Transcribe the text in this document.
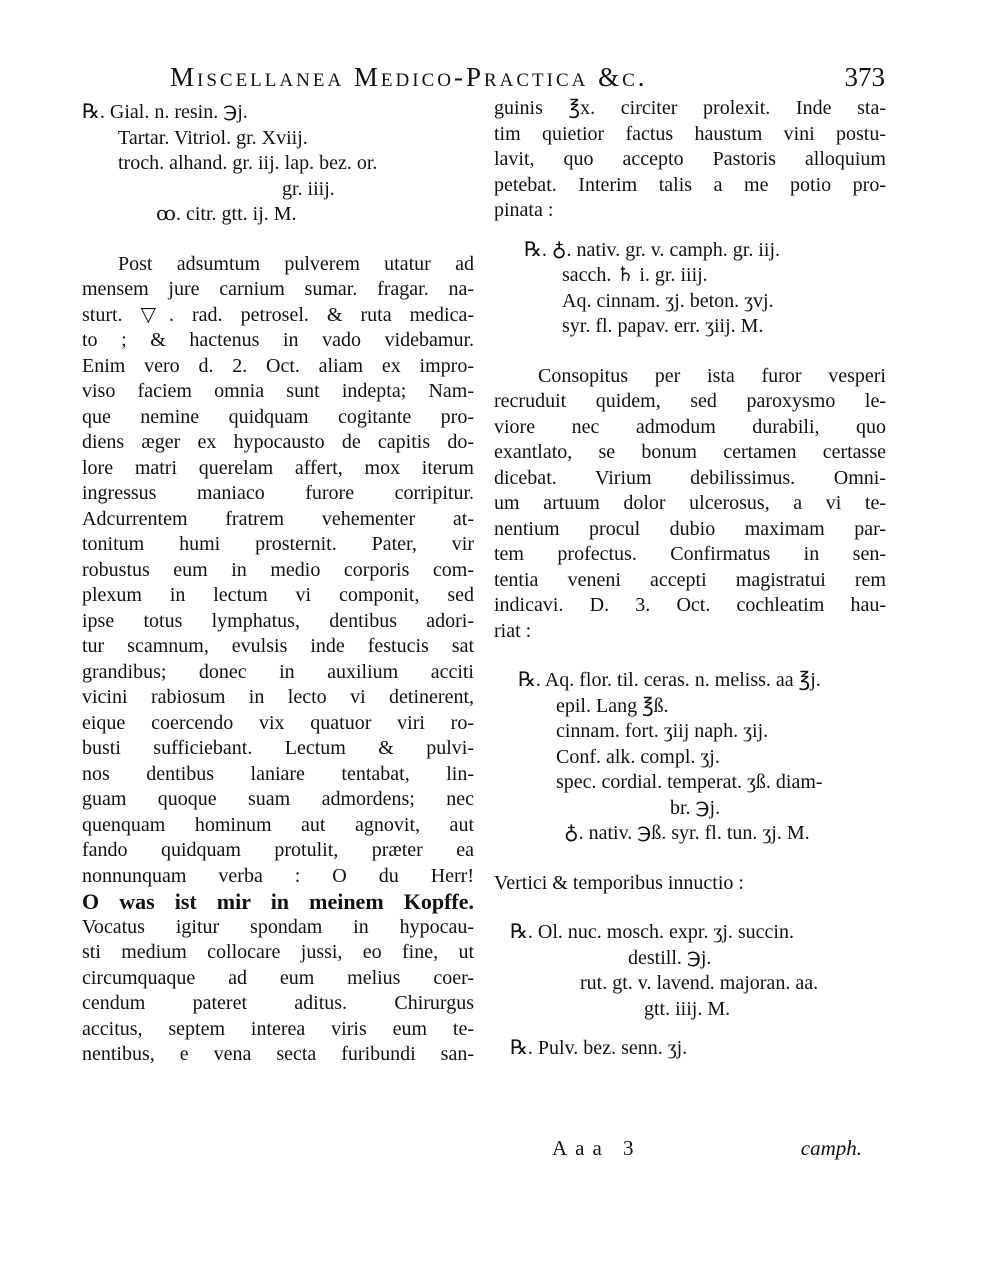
Miscellanea Medico-Practica &c.	373
℞. Gial. n. resin. ℈j.
Tartar. Vitriol. gr. Xviij.
troch. alhand. gr. iij. lap. bez. or.
gr. iiij.
ꝏ. citr. gtt. ij. M.
Post adsumtum pulverem utatur ad
mensem jure carnium sumar. fragar. na-
sturt. ▽. rad. petrosel. & ruta medica-
to ; & hactenus in vado videbamur.
Enim vero d. 2. Oct. aliam ex impro-
viso faciem omnia sunt indepta; Nam-
que nemine quidquam cogitante pro-
diens æger ex hypocausto de capitis do-
lore matri querelam affert, mox iterum
ingressus maniaco furore corripitur.
Adcurrentem fratrem vehementer at-
tonitum humi prosternit. Pater, vir
robustus eum in medio corporis com-
plexum in lectum vi componit, sed
ipse totus lymphatus, dentibus adori-
tur scamnum, evulsis inde festucis sat
grandibus; donec in auxilium acciti
vicini rabiosum in lecto vi detinerent,
eique coercendo vix quatuor viri ro-
busti sufficiebant. Lectum & pulvi-
nos dentibus laniare tentabat, lin-
guam quoque suam admordens; nec
quenquam hominum aut agnovit, aut
fando quidquam protulit, præter ea
nonnunquam verba : O du Herr!
O was ist mir in meinem Kopffe.
Vocatus igitur spondam in hypocau-
sti medium collocare jussi, eo fine, ut
circumquaque ad eum melius coer-
cendum pateret aditus. Chirurgus
accitus, septem interea viris eum te-
nentibus, e vena secta furibundi san-
guinis ℥x. circiter prolexit. Inde sta-
tim quietior factus haustum vini postu-
lavit, quo accepto Pastoris alloquium
petebat. Interim talis a me potio pro-
pinata :
℞. ♁. nativ. gr. v. camph. gr. iij.
sacch. ♄ i. gr. iiij.
Aq. cinnam. ʒj. beton. ʒvj.
syr. fl. papav. err. ʒiij. M.
Consopitus per ista furor vesperi
recruduit quidem, sed paroxysmo le-
viore nec admodum durabili, quo
exantlato, se bonum certamen certasse
dicebat. Virium debilissimus. Omni-
um artuum dolor ulcerosus, a vi te-
nentium procul dubio maximam par-
tem profectus. Confirmatus in sen-
tentia veneni accepti magistratui rem
indicavi. D. 3. Oct. cochleatim hau-
riat :
℞. Aq. flor. til. ceras. n. meliss. aa ℥j.
epil. Lang ℥ß.
cinnam. fort. ʒiij naph. ʒij.
Conf. alk. compl. ʒj.
spec. cordial. temperat. ʒß. diam-
br. ℈j.
♁. nativ. ℈ß. syr. fl. tun. ʒj. M.
Vertici & temporibus innuctio :
℞. Ol. nuc. mosch. expr. ʒj. succin.
destill. ℈j.
rut. gt. v. lavend. majoran. aa.
gtt. iiij. M.
℞. Pulv. bez. senn. ʒj.
Aaa 3	camph.
